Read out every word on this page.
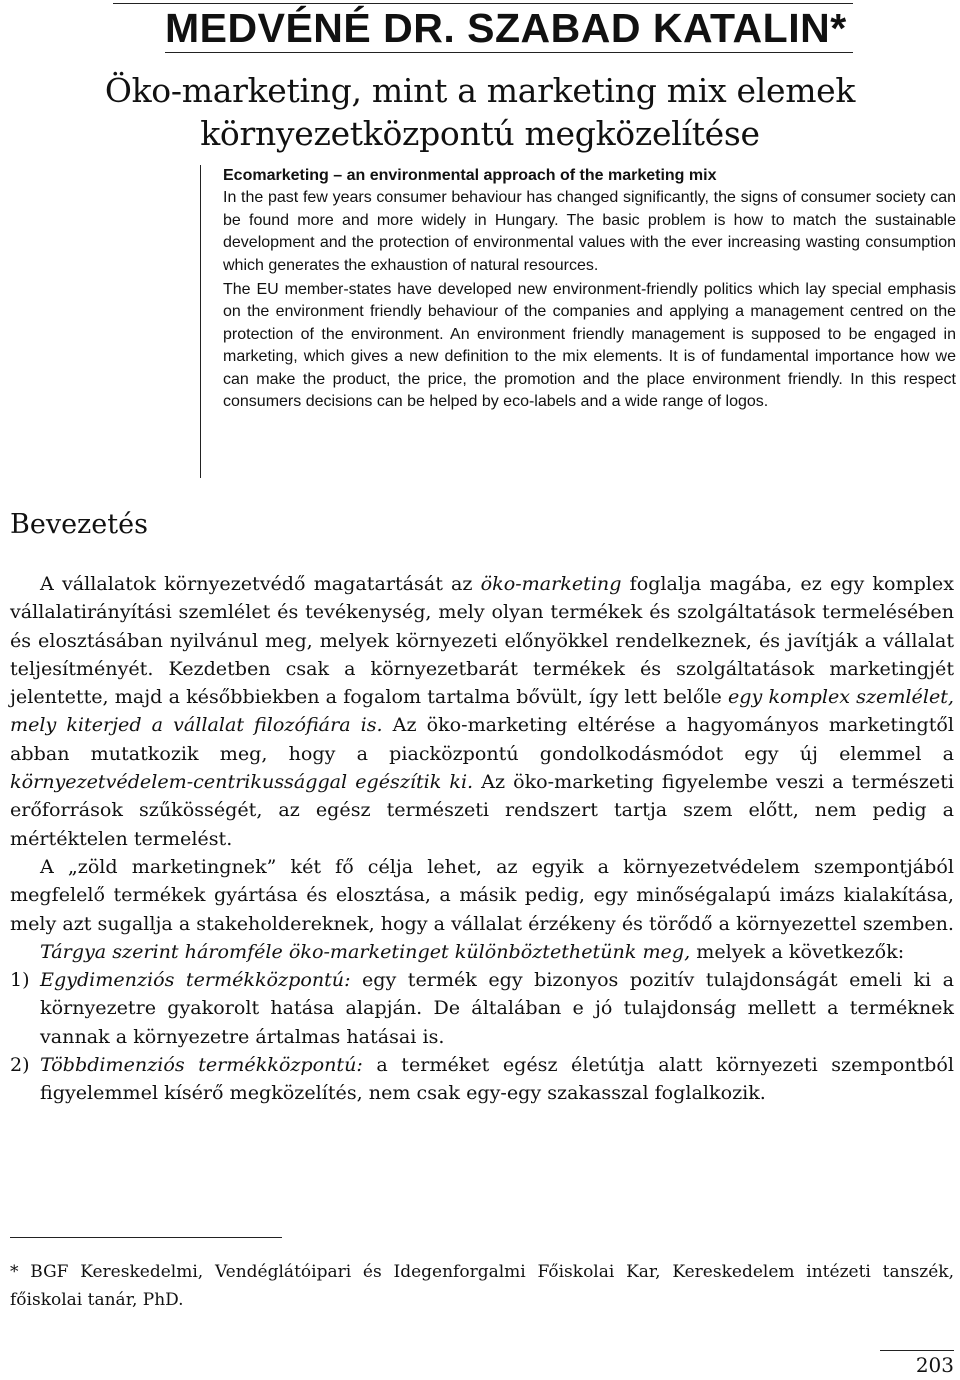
MEDVÉNÉ DR. SZABAD KATALIN*
Öko-marketing, mint a marketing mix elemek
környezetközpontú megközelítése

Ecomarketing – an environmental approach of the marketing mix

In the past few years consumer behaviour has changed significantly, the signs of consumer society can be found more and more widely in Hungary. The basic problem is how to match the sustainable development and the protection of environmental values with the ever increasing wasting consumption which generates the exhaustion of natural resources.

The EU member-states have developed new environment-friendly politics which lay special emphasis on the environment friendly behaviour of the companies and applying a management centred on the protection of the environment. An environment friendly management is supposed to be engaged in marketing, which gives a new definition to the mix elements. It is of fundamental importance how we can make the product, the price, the promotion and the place environment friendly. In this respect consumers decisions can be helped by eco-labels and a wide range of logos.

Bevezetés

A vállalatok környezetvédő magatartását az öko-marketing foglalja magába, ez egy komplex vállalatirányítási szemlélet és tevékenység, mely olyan termékek és szolgáltatások termelésében és elosztásában nyilvánul meg, melyek környezeti előnyökkel rendelkeznek, és javítják a vállalat teljesítményét. Kezdetben csak a környezetbarát termékek és szolgáltatások marketingjét jelentette, majd a későbbiekben a fogalom tartalma bővült, így lett belőle egy komplex szemlélet, mely kiterjed a vállalat filozófiára is. Az öko-marketing eltérése a hagyományos marketingtől abban mutatkozik meg, hogy a piacközpontú gondolkodásmódot egy új elemmel a környezetvédelem-centrikussággal egészítik ki. Az öko-marketing figyelembe veszi a természeti erőforrások szűkösségét, az egész természeti rendszert tartja szem előtt, nem pedig a mértéktelen termelést.

A „zöld marketingnek” két fő célja lehet, az egyik a környezetvédelem szempontjából megfelelő termékek gyártása és elosztása, a másik pedig, egy minőségalapú imázs kialakítása, mely azt sugallja a stakeholdereknek, hogy a vállalat érzékeny és törődő a környezettel szemben.

Tárgya szerint háromféle öko-marketinget különböztethetünk meg, melyek a következők:

1) Egydimenziós termékközpontú: egy termék egy bizonyos pozitív tulajdonságát emeli ki a környezetre gyakorolt hatása alapján. De általában e jó tulajdonság mellett a terméknek vannak a környezetre ártalmas hatásai is.

2) Többdimenziós termékközpontú: a terméket egész életútja alatt környezeti szempontból figyelemmel kísérő megközelítés, nem csak egy-egy szakasszal foglalkozik.

* BGF Kereskedelmi, Vendéglátóipari és Idegenforgalmi Főiskolai Kar, Kereskedelem intézeti tanszék, főiskolai tanár, PhD.

203
